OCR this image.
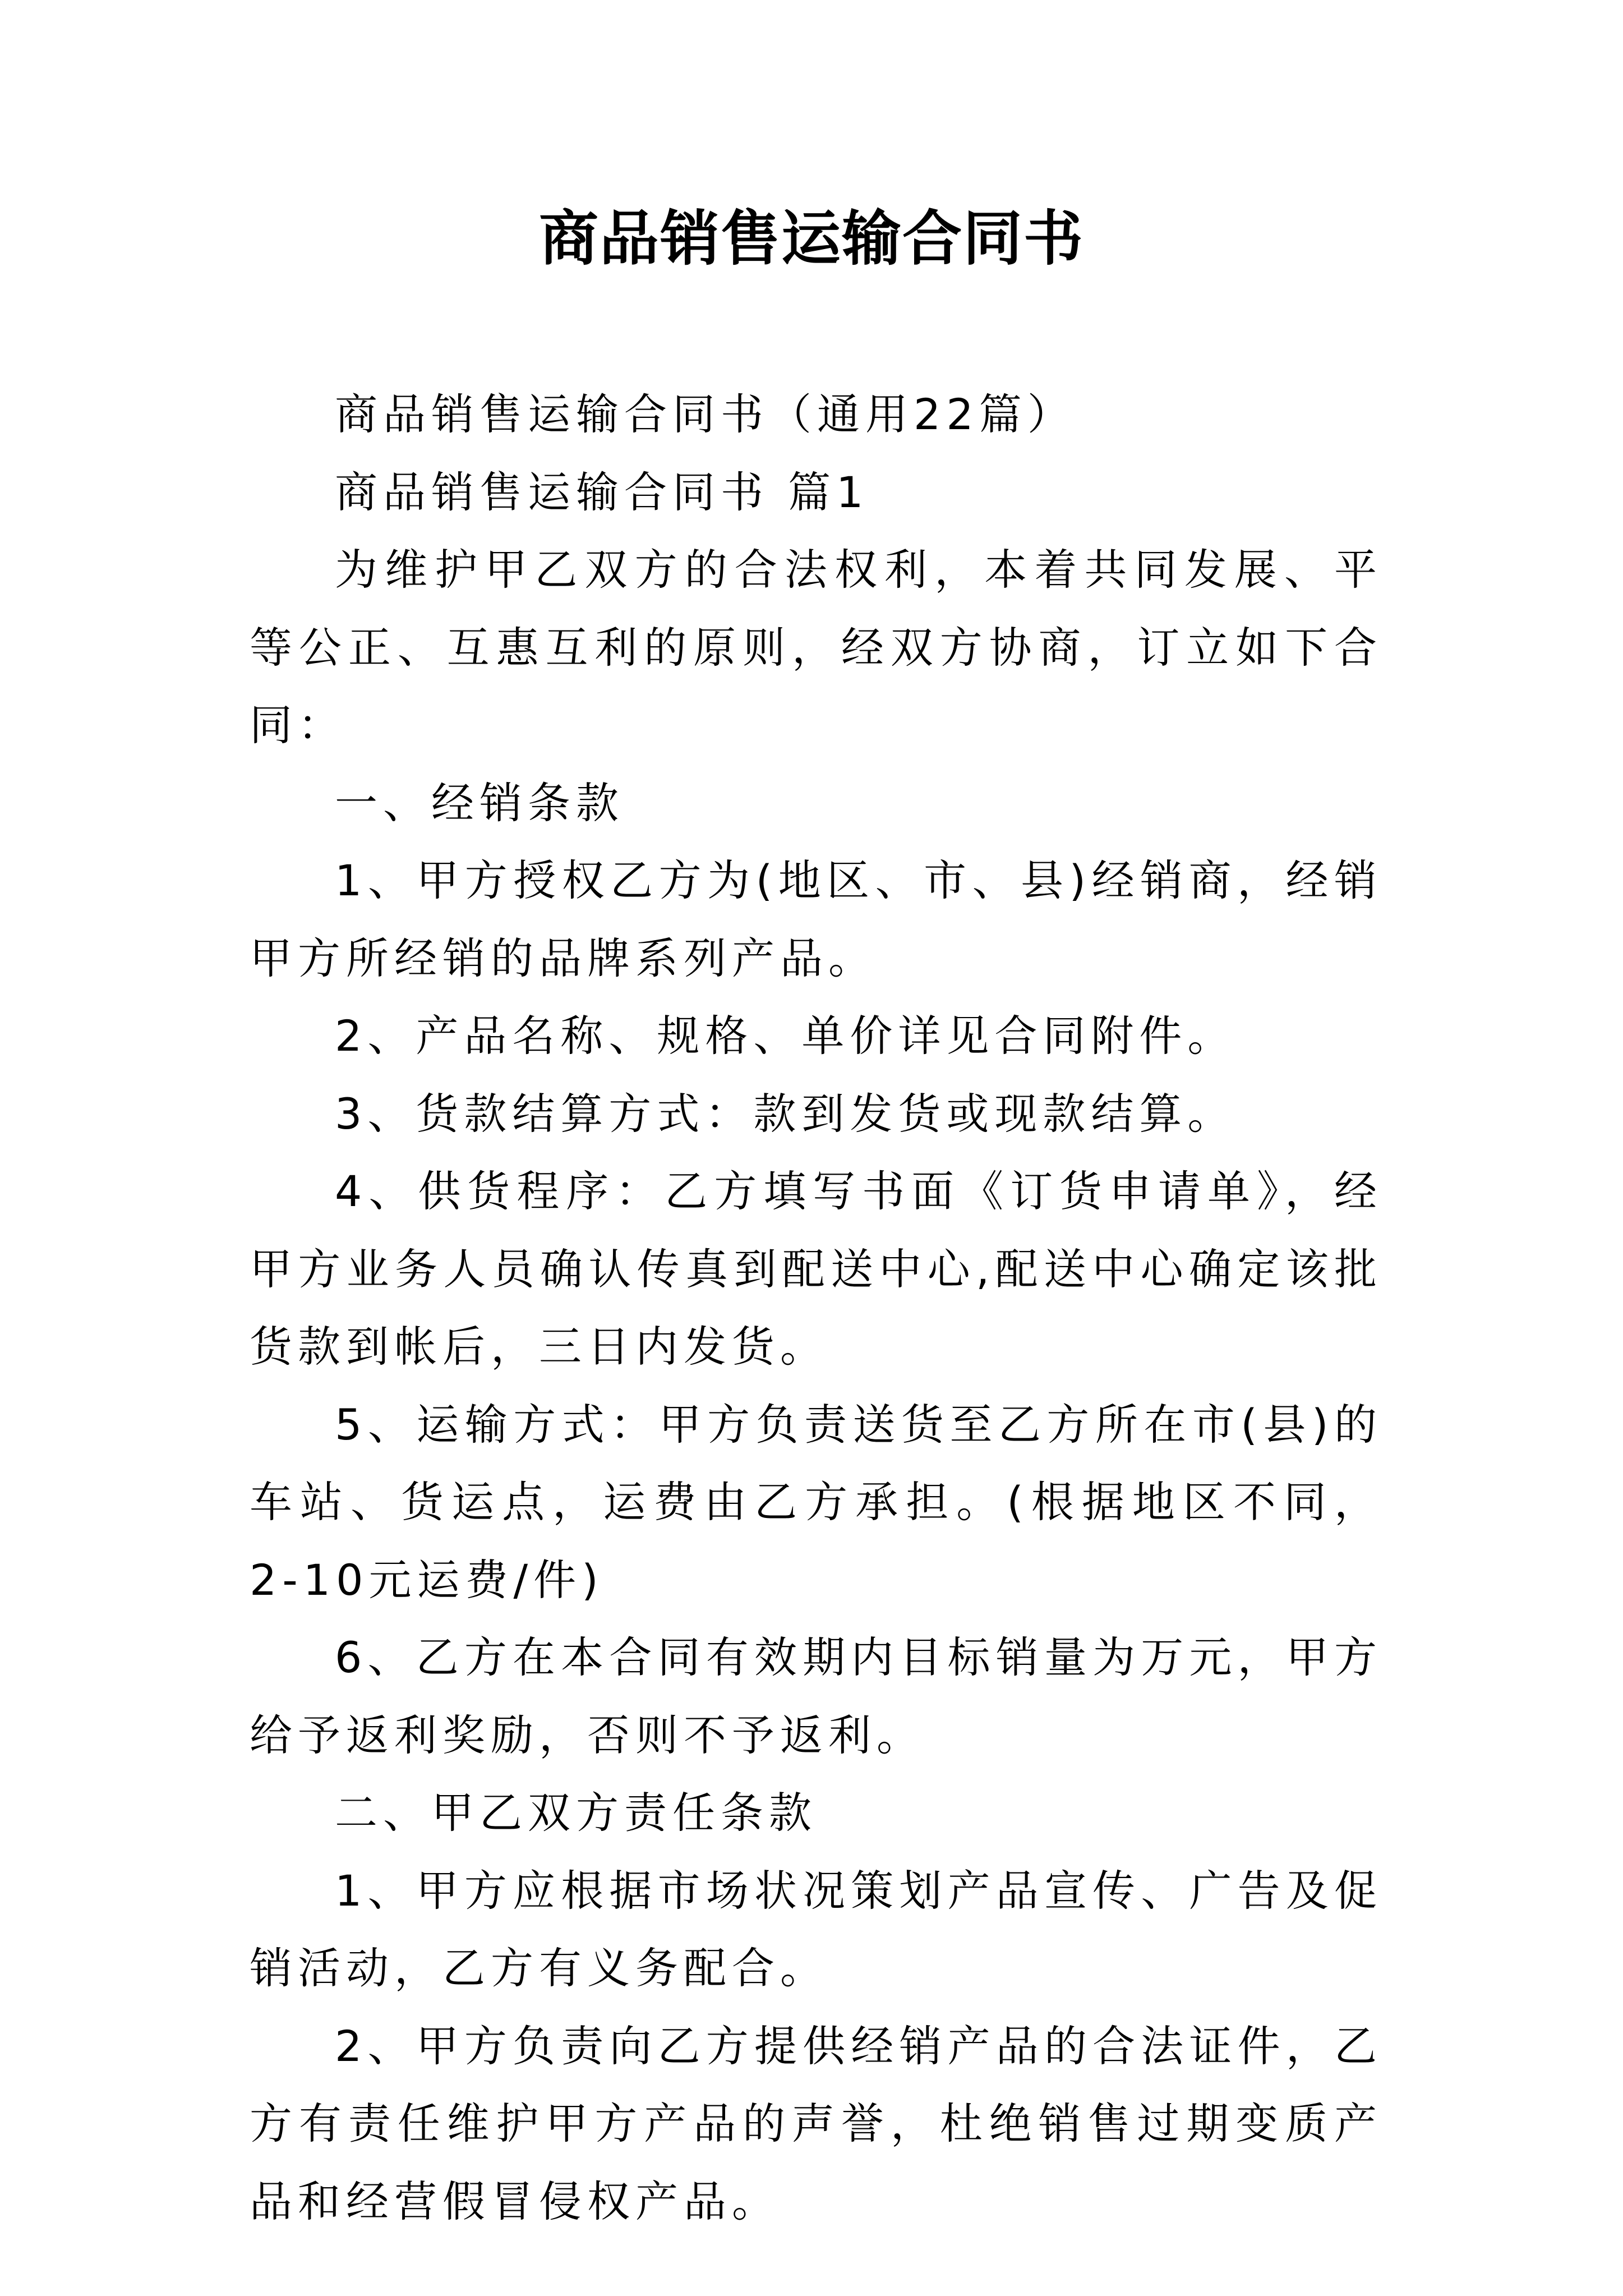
商品销售运输合同书

商品销售运输合同书（通用22篇）

商品销售运输合同书 篇1

为维护甲乙双方的合法权利，本着共同发展、平等公正、互惠互利的原则，经双方协商，订立如下合同：

一、经销条款

1、甲方授权乙方为(地区、市、县)经销商，经销甲方所经销的品牌系列产品。

2、产品名称、规格、单价详见合同附件。

3、货款结算方式：款到发货或现款结算。

4、供货程序：乙方填写书面《订货申请单》，经甲方业务人员确认传真到配送中心,配送中心确定该批货款到帐后，三日内发货。

5、运输方式：甲方负责送货至乙方所在市(县)的车站、货运点，运费由乙方承担。(根据地区不同，2-10元运费/件)

6、乙方在本合同有效期内目标销量为万元，甲方给予返利奖励，否则不予返利。

二、甲乙双方责任条款

1、甲方应根据市场状况策划产品宣传、广告及促销活动，乙方有义务配合。

2、甲方负责向乙方提供经销产品的合法证件，乙方有责任维护甲方产品的声誉，杜绝销售过期变质产品和经营假冒侵权产品。
